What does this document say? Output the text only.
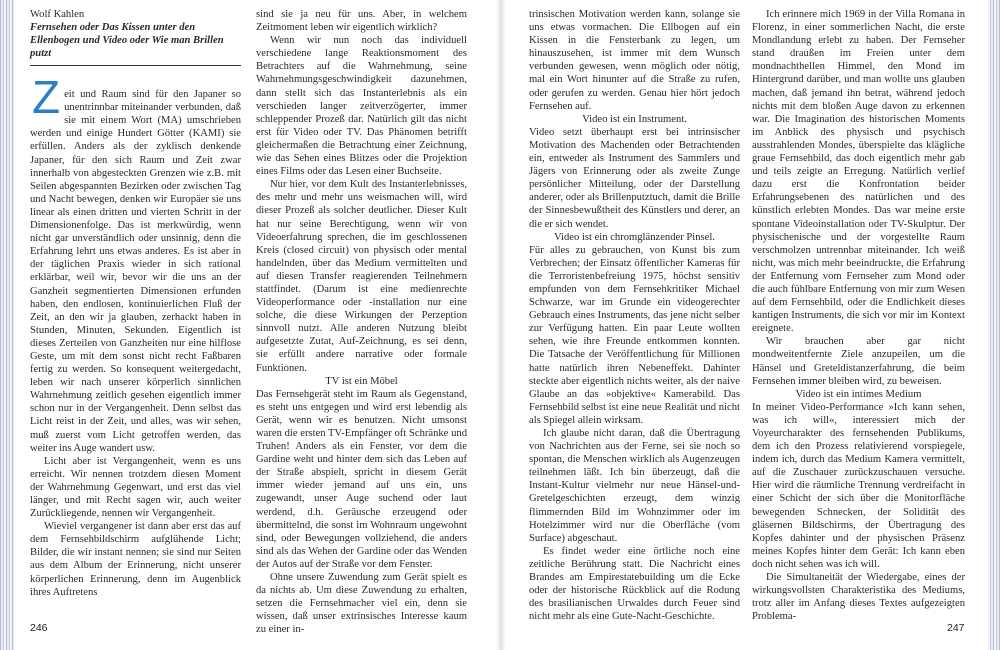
Wolf Kahlen

Fernsehen oder Das Kissen unter den Ellenbogen und Video oder Wie man Brillen putzt

Z eit und Raum sind für den Japaner so unentrinnbar miteinander verbunden, daß sie mit einem Wort (MA) umschrieben werden und einige Hundert Götter (KAMI) sie erfüllen. Anders als der zyklisch denkende Japaner, für den sich Raum und Zeit zwar innerhalb von abgesteckten Grenzen wie z.B. mit Seilen abgespannten Bezirken oder zwischen Tag und Nacht bewegen, denken wir Europäer sie uns linear als einen dritten und vierten Schritt in der Dimensionenfolge. Das ist merkwürdig, wenn nicht gar unverständlich oder unsinnig, denn die Erfahrung lehrt uns etwas anderes. Es ist aber in der täglichen Praxis wieder in sich rational erklärbar, weil wir, bevor wir die uns an der Ganzheit segmentierten Dimensionen erfunden haben, den endlosen, kontinuierlichen Fluß der Zeit, an den wir ja glauben, zerhackt haben in Stunden, Minuten, Sekunden. Eigentlich ist dieses Zerteilen von Ganzheiten nur eine hilflose Geste, um mit dem sonst nicht recht Faßbaren fertig zu werden. So konsequent weitergedacht, leben wir nach unserer körperlich sinnlichen Wahrnehmung zeitlich gesehen eigentlich immer schon nur in der Vergangenheit. Denn selbst das Licht reist in der Zeit, und alles, was wir sehen, muß zuerst vom Licht getroffen werden, das weiter ins Auge wandert usw.

Licht aber ist Vergangenheit, wenn es uns erreicht. Wir nennen trotzdem diesen Moment der Wahrnehmung Gegenwart, und erst das viel länger, und mit Recht sagen wir, auch weiter Zurückliegende, nennen wir Vergangenheit.

Wieviel vergangener ist dann aber erst das auf dem Fernsehbildschirm aufglühende Licht; Bilder, die wir instant nennen; sie sind nur Seiten aus dem Album der Erinnerung, nicht unserer körperlichen Erinnerung, denn im Augenblick ihres Auftretens

sind sie ja neu für uns. Aber, in welchem Zeitmoment leben wir eigentlich wirklich?

Wenn wir nun noch das individuell verschiedene lange Reaktionsmoment des Betrachters auf die Wahrnehmung, seine Wahrnehmungsgeschwindigkeit dazunehmen, dann stellt sich das Instanterlebnis als ein verschieden langer zeitverzögerter, immer schleppender Prozeß dar. Natürlich gilt das nicht erst für Video oder TV. Das Phänomen betrifft gleichermaßen die Betrachtung einer Zeichnung, wie das Sehen eines Blitzes oder die Projektion eines Films oder das Lesen einer Buchseite.

Nur hier, vor dem Kult des Instanterlebnisses, des mehr und mehr uns weismachen will, wird dieser Prozeß als solcher deutlicher. Dieser Kult hat nur seine Berechtigung, wenn wir von Videoerfahrung sprechen, die im geschlossenen Kreis (closed circuit) von physisch oder mental handelnden, über das Medium vermittelten und auf diesen Transfer reagierenden Teilnehmern stattfindet. (Darum ist eine medienrechte Videoperformance oder -installation nur eine solche, die diese Wirkungen der Perzeption sinnvoll nutzt. Alle anderen Nutzung bleibt aufgesetzte Zutat, Auf-Zeichnung, es sei denn, sie erfüllt andere narrative oder formale Funktionen.

TV ist ein Möbel

Das Fernsehgerät steht im Raum als Gegenstand, es steht uns entgegen und wird erst lebendig als Gerät, wenn wir es benutzen. Nicht umsonst waren die ersten TV-Empfänger oft Schränke und Truhen! Anders als ein Fenster, vor dem die Gardine weht und hinter dem sich das Leben auf der Straße abspielt, spricht in diesem Gerät immer wieder jemand auf uns ein, uns zugewandt, unser Auge suchend oder laut werdend, d.h. Geräusche erzeugend oder übermittelnd, die sonst im Wohnraum ungewohnt sind, oder Bewegungen vollziehend, die anders sind als das Wehen der Gardine oder das Wenden der Autos auf der Straße vor dem Fenster.

Ohne unsere Zuwendung zum Gerät spielt es da nichts ab. Um diese Zuwendung zu erhalten, setzen die Fernsehmacher viel ein, denn sie wissen, daß unser extrinsisches Interesse kaum zu einer in-

trinsischen Motivation werden kann, solange sie uns etwas vormachen. Die Ellbogen auf ein Kissen in die Fensterbank zu legen, um hinauszusehen, ist immer mit dem Wunsch verbunden gewesen, wenn möglich oder nötig, mal ein Wort hinunter auf die Straße zu rufen, oder gerufen zu werden. Genau hier hört jedoch Fernsehen auf.

Video ist ein Instrument.

Video setzt überhaupt erst bei intrinsischer Motivation des Machenden oder Betrachtenden ein, entweder als Instrument des Sammlers und Jägers von Erinnerung oder als zweite Zunge persönlicher Mitteilung, oder der Darstellung anderer, oder als Brillenputztuch, damit die Brille der Sinnesbewußtheit des Künstlers und derer, an die er sich wendet.

Video ist ein chromglänzender Pinsel.

Für alles zu gebrauchen, von Kunst bis zum Verbrechen; der Einsatz öffentlicher Kameras für die Terroristenbefreiung 1975, höchst sensitiv empfunden von dem Fernsehkritiker Michael Schwarze, war im Grunde ein videogerechter Gebrauch eines Instruments, das jene nicht selber zur Verfügung hatten. Ein paar Leute wollten sehen, wie ihre Freunde entkommen konnten. Die Tatsache der Veröffentlichung für Millionen hatte natürlich ihren Nebeneffekt. Dahinter steckte aber eigentlich nichts weiter, als der naive Glaube an das »objektive« Kamerabild. Das Fernsehbild selbst ist eine neue Realität und nicht als Spiegel allein wirksam.

Ich glaube nicht daran, daß die Übertragung von Nachrichten aus der Ferne, sei sie noch so spontan, die Menschen wirklich als Augenzeugen teilnehmen läßt. Ich bin überzeugt, daß die Instant-Kultur vielmehr nur neue Hänsel-und-Gretelgeschichten erzeugt, dem winzig flimmernden Bild im Wohnzimmer oder im Hotelzimmer wird nur die Oberfläche (vom Surface) abgeschaut.

Es findet weder eine örtliche noch eine zeitliche Berührung statt. Die Nachricht eines Brandes am Empirestatebuilding um die Ecke oder der historische Rückblick auf die Rodung des brasilianischen Urwaldes durch Feuer sind nicht mehr als eine Gute-Nacht-Geschichte.

Ich erinnere mich 1969 in der Villa Romana in Florenz, in einer sommerlichen Nacht, die erste Mondlandung erlebt zu haben. Der Fernseher stand draußen im Freien unter dem mondnachthellen Himmel, den Mond im Hintergrund darüber, und man wollte uns glauben machen, daß jemand ihn betrat, während jedoch nichts mit dem bloßen Auge davon zu erkennen war. Die Imagination des historischen Moments im Anblick des physisch und psychisch ausstrahlenden Mondes, überspielte das klägliche graue Fernsehbild, das doch eigentlich mehr gab und teils zeigte an Erregung. Natürlich verlief dazu erst die Konfrontation beider Erfahrungsebenen des natürlichen und des künstlich erlebten Mondes. Das war meine erste spontane Videoinstallation oder TV-Skulptur. Der physischenische und der vorgestellte Raum verschmolzen untrennbar miteinander. Ich weiß nicht, was mich mehr beeindruckte, die Erfahrung der Entfernung vom Fernseher zum Mond oder die auch fühlbare Entfernung von mir zum Wesen auf dem Fernsehbild, oder die Endlichkeit dieses kantigen Instruments, die sich vor mir im Kontext ereignete.

Wir brauchen aber gar nicht mondweitentfernte Ziele anzupeilen, um die Hänsel und Greteldistanzerfahrung, die beim Fernsehen immer bleiben wird, zu beweisen.

Video ist ein intimes Medium

In meiner Video-Performance »Ich kann sehen, was ich will«, interessiert mich der Voyeurcharakter des fernsehenden Publikums, dem ich den Prozess relativierend vorspiegele, indem ich, durch das Medium Kamera vermittelt, auf die Zuschauer zurückzuschauen versuche. Hier wird die räumliche Trennung verdreifacht in einer Schicht der sich über die Monitorfläche bewegenden Schnecken, der Solidität des gläsernen Bildschirms, der Übertragung des Kopfes dahinter und der physischen Präsenz meines Kopfes hinter dem Gerät: Ich kann eben doch nicht sehen was ich will.

Die Simultaneität der Wiedergabe, eines der wirkungsvollsten Charakteristika des Mediums, trotz aller im Anfang dieses Textes aufgezeigten Problema-

246	247
